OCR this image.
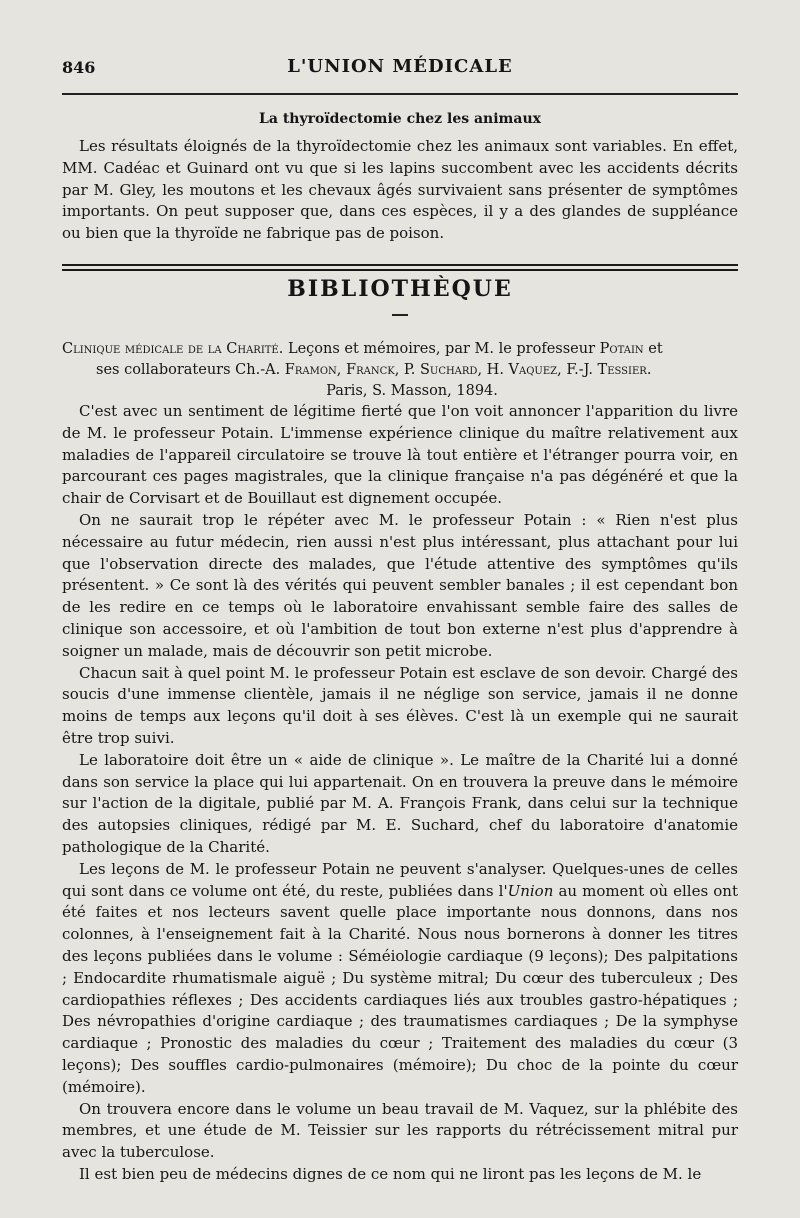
846	L'UNION MÉDICALE
La thyroïdectomie chez les animaux

Les résultats éloignés de la thyroïdectomie chez les animaux sont variables. En effet, MM. Cadéac et Guinard ont vu que si les lapins succombent avec les accidents décrits par M. Gley, les moutons et les chevaux âgés survivaient sans présenter de symptômes importants. On peut supposer que, dans ces espèces, il y a des glandes de suppléance ou bien que la thyroïde ne fabrique pas de poison.

BIBLIOTHÈQUE
Clinique médicale de la Charité. Leçons et mémoires, par M. le professeur Potain et
ses collaborateurs Ch.-A. Framon, Franck, P. Suchard, H. Vaquez, F.-J. Tessier.
Paris, S. Masson, 1894.

C'est avec un sentiment de légitime fierté que l'on voit annoncer l'apparition du livre de M. le professeur Potain. L'immense expérience clinique du maître relativement aux maladies de l'appareil circulatoire se trouve là tout entière et l'étranger pourra voir, en parcourant ces pages magistrales, que la clinique française n'a pas dégénéré et que la chair de Corvisart et de Bouillaut est dignement occupée.

On ne saurait trop le répéter avec M. le professeur Potain : « Rien n'est plus nécessaire au futur médecin, rien aussi n'est plus intéressant, plus attachant pour lui que l'observation directe des malades, que l'étude attentive des symptômes qu'ils présentent. » Ce sont là des vérités qui peuvent sembler banales ; il est cependant bon de les redire en ce temps où le laboratoire envahissant semble faire des salles de clinique son accessoire, et où l'ambition de tout bon externe n'est plus d'apprendre à soigner un malade, mais de découvrir son petit microbe.

Chacun sait à quel point M. le professeur Potain est esclave de son devoir. Chargé des soucis d'une immense clientèle, jamais il ne néglige son service, jamais il ne donne moins de temps aux leçons qu'il doit à ses élèves. C'est là un exemple qui ne saurait être trop suivi.

Le laboratoire doit être un « aide de clinique ». Le maître de la Charité lui a donné dans son service la place qui lui appartenait. On en trouvera la preuve dans le mémoire sur l'action de la digitale, publié par M. A. François Frank, dans celui sur la technique des autopsies cliniques, rédigé par M. E. Suchard, chef du laboratoire d'anatomie pathologique de la Charité.

Les leçons de M. le professeur Potain ne peuvent s'analyser. Quelques-unes de celles qui sont dans ce volume ont été, du reste, publiées dans l'Union au moment où elles ont été faites et nos lecteurs savent quelle place importante nous donnons, dans nos colonnes, à l'enseignement fait à la Charité. Nous nous bornerons à donner les titres des leçons publiées dans le volume : Séméiologie cardiaque (9 leçons); Des palpitations ; Endocardite rhumatismale aiguë ; Du système mitral; Du cœur des tuberculeux ; Des cardiopathies réflexes ; Des accidents cardiaques liés aux troubles gastro-hépatiques ; Des névropathies d'origine cardiaque ; des traumatismes cardiaques ; De la symphyse cardiaque ; Pronostic des maladies du cœur ; Traitement des maladies du cœur (3 leçons); Des souffles cardio-pulmonaires (mémoire); Du choc de la pointe du cœur (mémoire).

On trouvera encore dans le volume un beau travail de M. Vaquez, sur la phlébite des membres, et une étude de M. Teissier sur les rapports du rétrécissement mitral pur avec la tuberculose.

Il est bien peu de médecins dignes de ce nom qui ne liront pas les leçons de M. le
